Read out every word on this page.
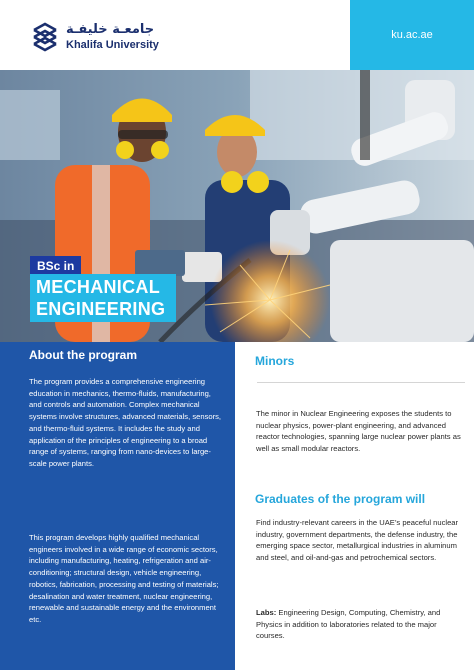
جامعـة خليفـة
Khalifa University
ku.ac.ae
BSc in
MECHANICAL
ENGINEERING
About the program

The program provides a comprehensive engineering education in mechanics, thermo-fluids, manufacturing, and controls and automation. Complex mechanical systems involve structures, advanced materials, sensors, and thermo-fluid systems. It includes the study and application of the principles of engineering to a broad range of systems, ranging from nano-devices to large-scale power plants.

This program develops highly qualified mechanical engineers involved in a wide range of economic sectors, including manufacturing, heating, refrigeration and air-conditioning; structural design, vehicle engineering, robotics, fabrication, processing and testing of materials; desalination and water treatment, nuclear engineering, renewable and sustainable energy and the environment etc.

Minors

The minor in Nuclear Engineering exposes the students to nuclear physics, power-plant engineering, and advanced reactor technologies, spanning large nuclear power plants as well as small modular reactors.

Graduates of the program will

Find industry-relevant careers in the UAE’s peaceful nuclear industry, government departments, the defense industry, the emerging space sector, metallurgical industries in aluminum and steel, and oil-and-gas and petrochemical sectors.

Labs: Engineering Design, Computing, Chemistry, and Physics in addition to laboratories related to the major courses.
